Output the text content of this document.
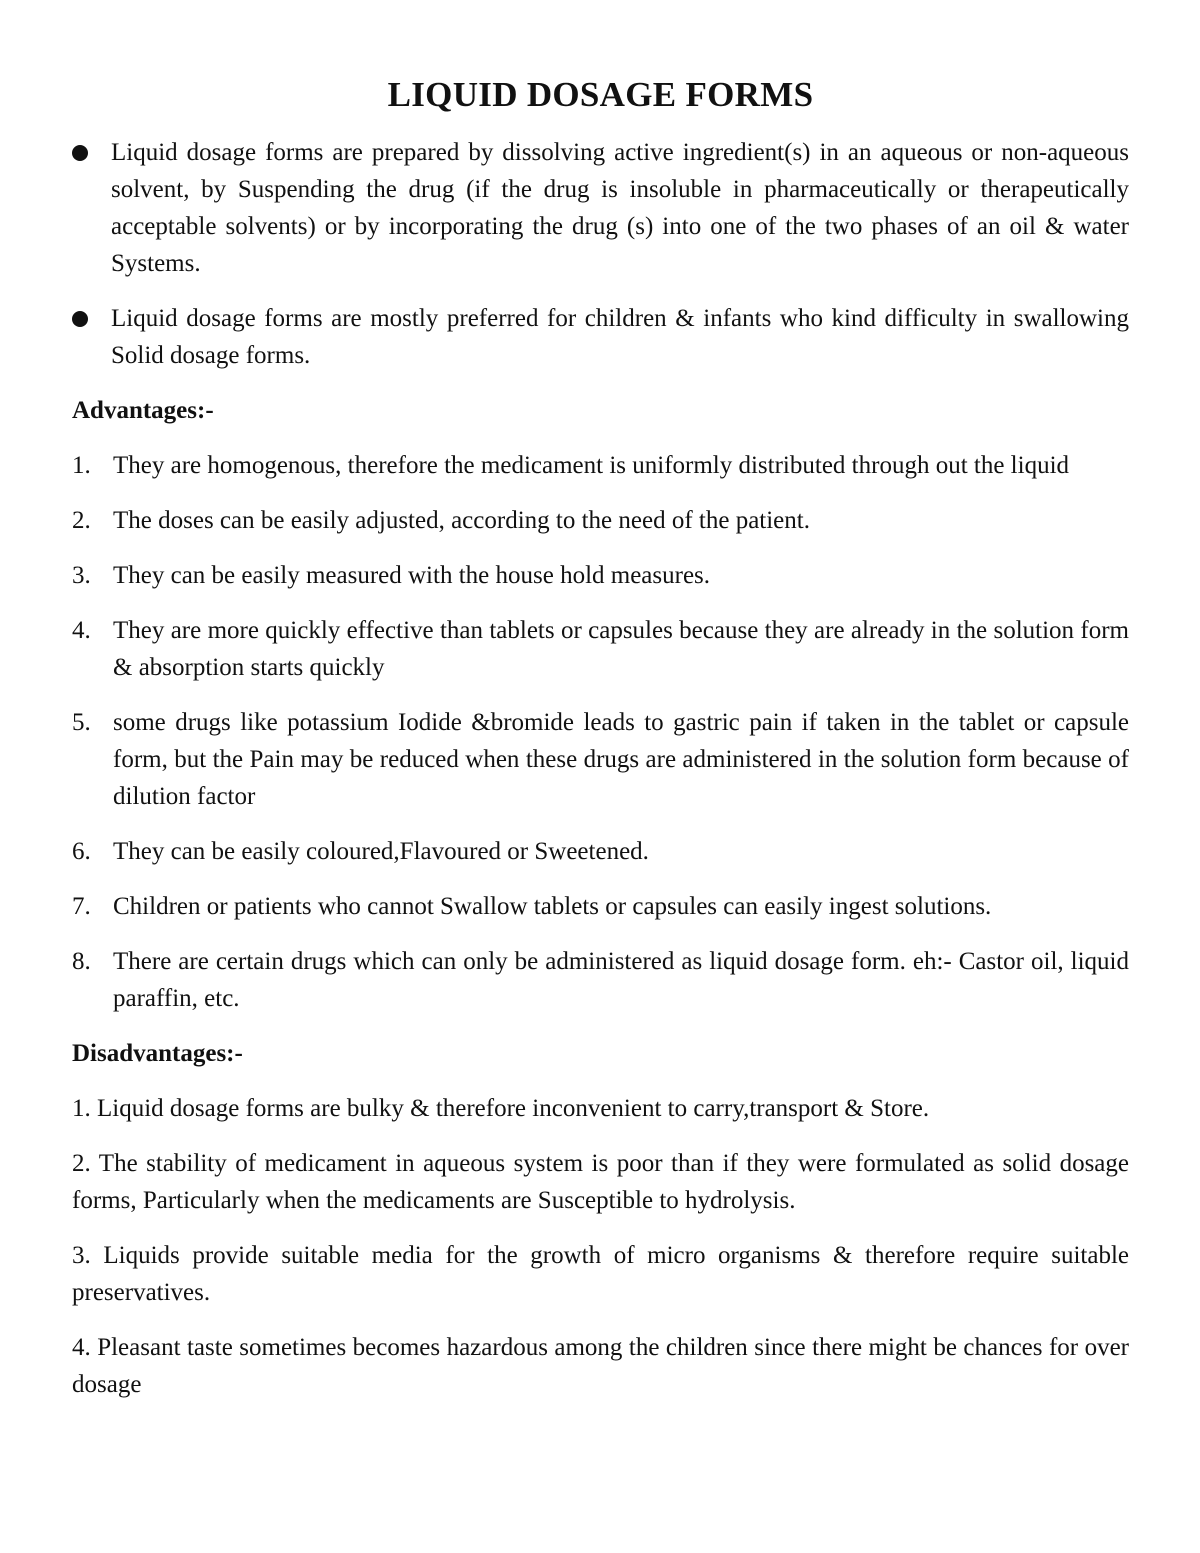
LIQUID DOSAGE FORMS
Liquid dosage forms are prepared by dissolving active ingredient(s) in an aqueous or non-aqueous solvent, by Suspending the drug (if the drug is insoluble in pharmaceutically or therapeutically acceptable solvents) or by incorporating the drug (s) into one of the two phases of an oil & water Systems.
Liquid dosage forms are mostly preferred for children & infants who kind difficulty in swallowing Solid dosage forms.
Advantages:-
1. They are homogenous, therefore the medicament is uniformly distributed through out the liquid
2. The doses can be easily adjusted, according to the need of the patient.
3. They can be easily measured with the house hold measures.
4. They are more quickly effective than tablets or capsules because they are already in the solution form & absorption starts quickly
5. some drugs like potassium Iodide &bromide leads to gastric pain if taken in the tablet or capsule form, but the Pain may be reduced when these drugs are administered in the solution form because of dilution factor
6. They can be easily coloured,Flavoured or Sweetened.
7. Children or patients who cannot Swallow tablets or capsules can easily ingest solutions.
8. There are certain drugs which can only be administered as liquid dosage form. eh:- Castor oil, liquid paraffin, etc.
Disadvantages:-
1. Liquid dosage forms are bulky & therefore inconvenient to carry,transport & Store.
2. The stability of medicament in aqueous system is poor than if they were formulated as solid dosage forms, Particularly when the medicaments are Susceptible to hydrolysis.
3. Liquids provide suitable media for the growth of micro organisms & therefore require suitable preservatives.
4. Pleasant taste sometimes becomes hazardous among the children since there might be chances for over dosage
